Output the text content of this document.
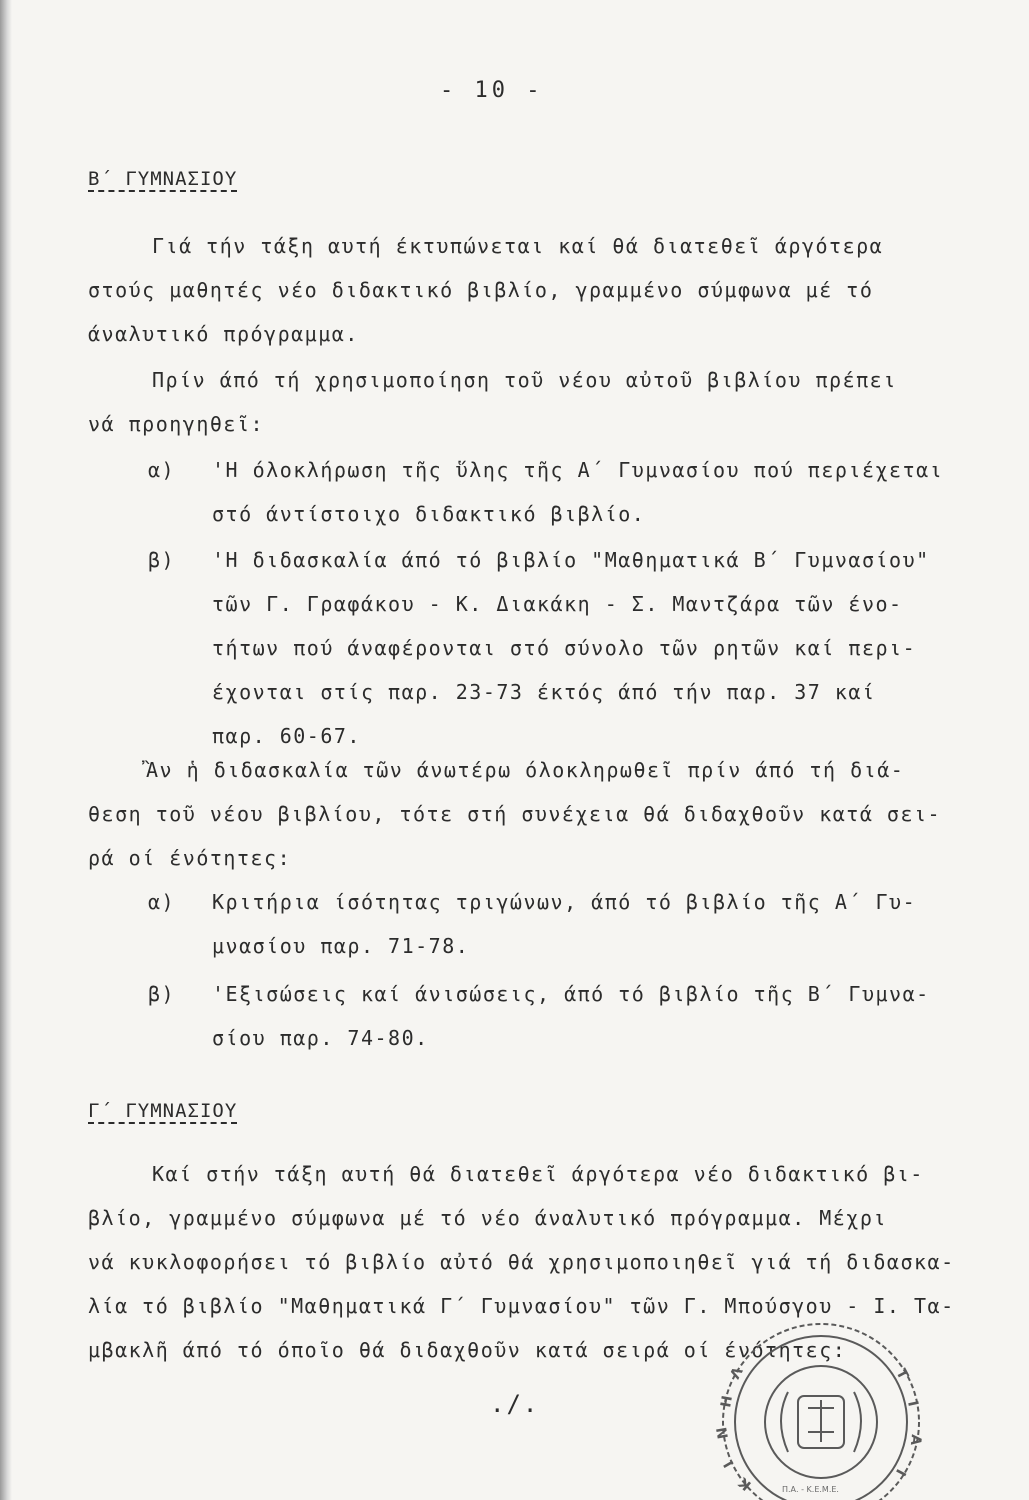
- 10 -
Β΄ ΓΥΜΝΑΣΙΟΥ
Γιά τήν τάξη αυτή έκτυπώνεται καί θά διατεθεῖ άργότερα
στούς μαθητές νέο διδακτικό βιβλίο, γραμμένο σύμφωνα μέ τό
άναλυτικό πρόγραμμα.
Πρίν άπό τή χρησιμοποίηση τοῦ νέου αὐτοῦ βιβλίου πρέπει
νά προηγηθεῖ:
α) 'Η όλοκλήρωση τῆς ὕλης τῆς Α΄ Γυμνασίου πού περιέχεται
στό άντίστοιχο διδακτικό βιβλίο.
β) 'Η διδασκαλία άπό τό βιβλίο "Μαθηματικά Β΄ Γυμνασίου"
τῶν Γ. Γραφάκου - Κ. Διακάκη - Σ. Μαντζάρα τῶν ένο-
τήτων πού άναφέρονται στό σύνολο τῶν ρητῶν καί περι-
έχονται στίς παρ. 23-73 έκτός άπό τήν παρ. 37 καί
παρ. 60-67.
Ἂν ἡ διδασκαλία τῶν άνωτέρω όλοκληρωθεῖ πρίν άπό τή διά-
θεση τοῦ νέου βιβλίου, τότε στή συνέχεια θά διδαχθοῦν κατά σει-
ρά οί ένότητες:
α) Κριτήρια ίσότητας τριγώνων, άπό τό βιβλίο τῆς Α΄ Γυ-
μνασίου παρ. 71-78.
β) 'Εξισώσεις καί άνισώσεις, άπό τό βιβλίο τῆς Β΄ Γυμνα-
σίου παρ. 74-80.
Γ΄ ΓΥΜΝΑΣΙΟΥ
Καί στήν τάξη αυτή θά διατεθεῖ άργότερα νέο διδακτικό βι-
βλίο, γραμμένο σύμφωνα μέ τό νέο άναλυτικό πρόγραμμα. Μέχρι
νά κυκλοφορήσει τό βιβλίο αὐτό θά χρησιμοποιηθεῖ γιά τή διδασκα-
λία τό βιβλίο "Μαθηματικά Γ΄ Γυμνασίου" τῶν Γ. Μπούσγου - Ι. Τα-
μβακλῆ άπό τό όποῖο θά διδαχθοῦν κατά σειρά οί ένότητες:
./.
Λ
Η
Ν
Ι
Κ
Τ
Ι
Α
Ι
Π.Α. - Κ.Ε.Μ.Ε.
